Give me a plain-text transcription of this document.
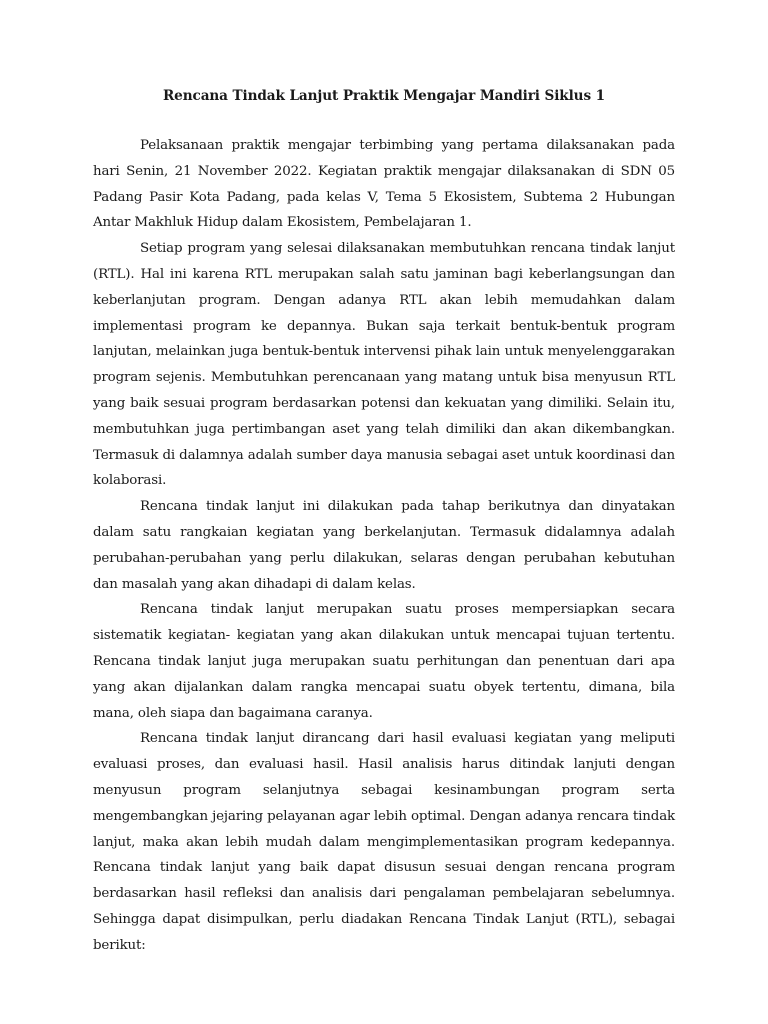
Rencana Tindak Lanjut Praktik Mengajar Mandiri Siklus 1

Pelaksanaan praktik mengajar terbimbing yang pertama dilaksanakan pada hari Senin, 21 November 2022. Kegiatan praktik mengajar dilaksanakan di SDN 05 Padang Pasir Kota Padang, pada kelas V, Tema 5 Ekosistem, Subtema 2 Hubungan Antar Makhluk Hidup dalam Ekosistem, Pembelajaran 1.

Setiap program yang selesai dilaksanakan membutuhkan rencana tindak lanjut (RTL). Hal ini karena RTL merupakan salah satu jaminan bagi keberlangsungan dan keberlanjutan program. Dengan adanya RTL akan lebih memudahkan dalam implementasi program ke depannya. Bukan saja terkait bentuk-bentuk program lanjutan, melainkan juga bentuk-bentuk intervensi pihak lain untuk menyelenggarakan program sejenis. Membutuhkan perencanaan yang matang untuk bisa menyusun RTL yang baik sesuai program berdasarkan potensi dan kekuatan yang dimiliki. Selain itu, membutuhkan juga pertimbangan aset yang telah dimiliki dan akan dikembangkan. Termasuk di dalamnya adalah sumber daya manusia sebagai aset untuk koordinasi dan kolaborasi.

Rencana tindak lanjut ini dilakukan pada tahap berikutnya dan dinyatakan dalam satu rangkaian kegiatan yang berkelanjutan. Termasuk didalamnya adalah perubahan-perubahan yang perlu dilakukan, selaras dengan perubahan kebutuhan dan masalah yang akan dihadapi di dalam kelas.

Rencana tindak lanjut merupakan suatu proses mempersiapkan secara sistematik kegiatan- kegiatan yang akan dilakukan untuk mencapai tujuan tertentu. Rencana tindak lanjut juga merupakan suatu perhitungan dan penentuan dari apa yang akan dijalankan dalam rangka mencapai suatu obyek tertentu, dimana, bila mana, oleh siapa dan bagaimana caranya.

Rencana tindak lanjut dirancang dari hasil evaluasi kegiatan yang meliputi evaluasi proses, dan evaluasi hasil. Hasil analisis harus ditindak lanjuti dengan menyusun program selanjutnya sebagai kesinambungan program serta mengembangkan jejaring pelayanan agar lebih optimal. Dengan adanya rencara tindak lanjut, maka akan lebih mudah dalam mengimplementasikan program kedepannya. Rencana tindak lanjut yang baik dapat disusun sesuai dengan rencana program berdasarkan hasil refleksi dan analisis dari pengalaman pembelajaran sebelumnya. Sehingga dapat disimpulkan, perlu diadakan Rencana Tindak Lanjut (RTL), sebagai berikut:
